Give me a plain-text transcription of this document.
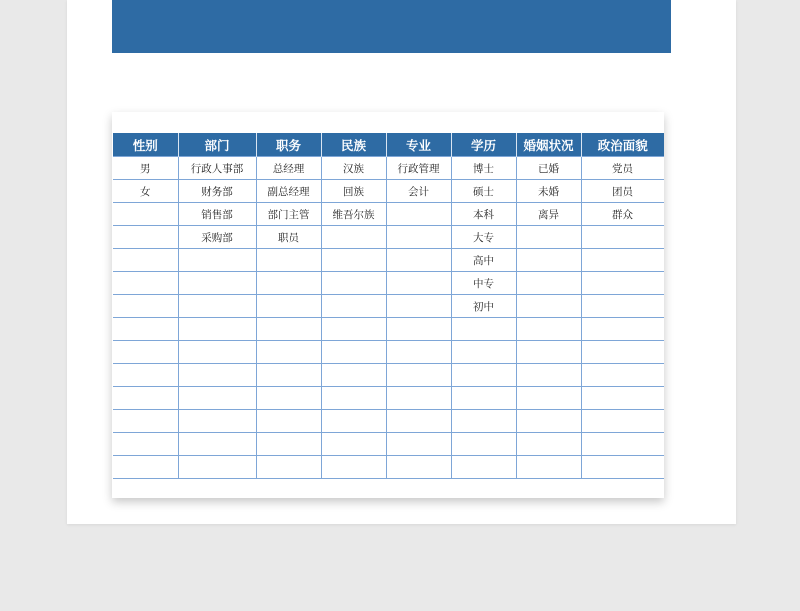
性别	部门	职务	民族	专业	学历	婚姻状况	政治面貌
男	行政人事部	总经理	汉族	行政管理	博士	已婚	党员
女	财务部	副总经理	回族	会计	硕士	未婚	团员
	销售部	部门主管	维吾尔族		本科	离异	群众
	采购部	职员			大专		
					高中		
					中专		
					初中		
